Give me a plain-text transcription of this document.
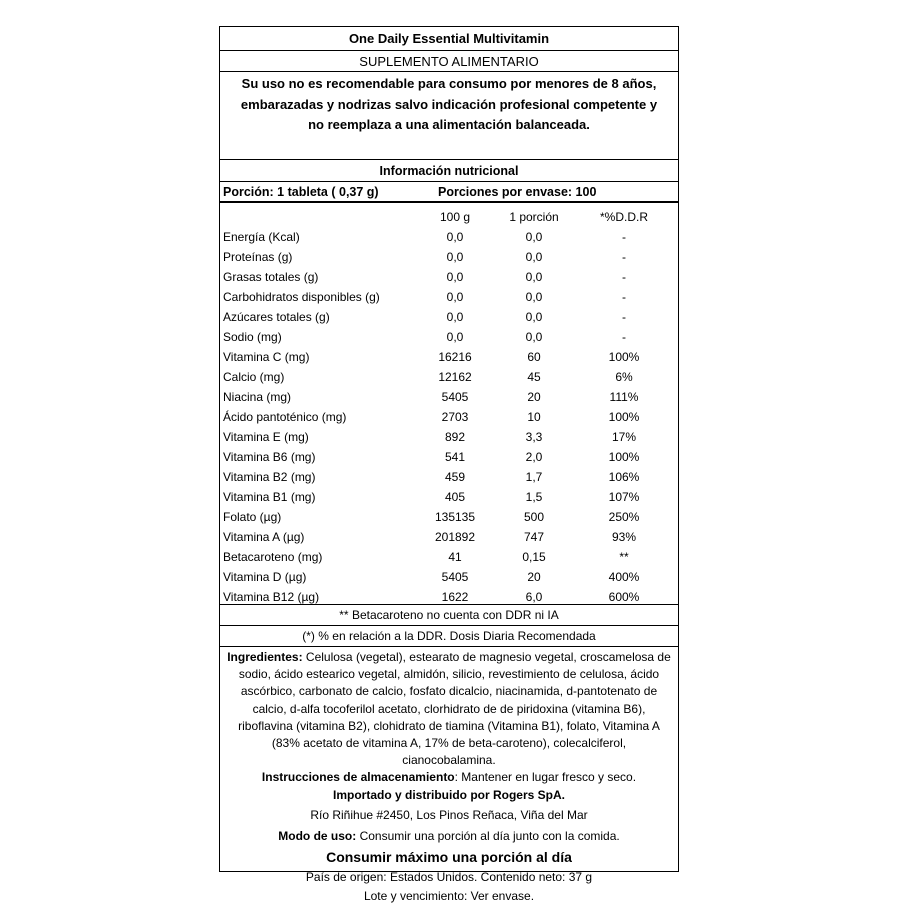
One Daily Essential Multivitamin
SUPLEMENTO ALIMENTARIO
Su uso no es recomendable para consumo por menores de 8 años, embarazadas y nodrizas salvo indicación profesional competente y no reemplaza a una alimentación balanceada.
Información nutricional
Porción: 1 tableta ( 0,37 g)	Porciones por envase: 100
100 g	1 porción	*%D.D.R
Energía (Kcal)	0,0	0,0	-
Proteínas (g)	0,0	0,0	-
Grasas totales (g)	0,0	0,0	-
Carbohidratos disponibles (g)	0,0	0,0	-
Azúcares totales (g)	0,0	0,0	-
Sodio (mg)	0,0	0,0	-
Vitamina C (mg)	16216	60	100%
Calcio (mg)	12162	45	6%
Niacina (mg)	5405	20	111%
Ácido pantoténico (mg)	2703	10	100%
Vitamina E (mg)	892	3,3	17%
Vitamina B6 (mg)	541	2,0	100%
Vitamina B2 (mg)	459	1,7	106%
Vitamina B1 (mg)	405	1,5	107%
Folato (µg)	135135	500	250%
Vitamina A (µg)	201892	747	93%
Betacaroteno (mg)	41	0,15	**
Vitamina D (µg)	5405	20	400%
Vitamina B12 (µg)	1622	6,0	600%
** Betacaroteno no cuenta con DDR ni IA
(*) % en relación a la DDR. Dosis Diaria Recomendada
Ingredientes: Celulosa (vegetal), estearato de magnesio vegetal, croscamelosa de sodio, ácido estearico vegetal, almidón, silicio, revestimiento de celulosa, ácido ascórbico, carbonato de calcio, fosfato dicalcio, niacinamida, d-pantotenato de calcio, d-alfa tocoferilol acetato, clorhidrato de de piridoxina (vitamina B6), riboflavina (vitamina B2), clohidrato de tiamina (Vitamina B1), folato, Vitamina A (83% acetato de vitamina A, 17% de beta-caroteno), colecalciferol, cianocobalamina.
Instrucciones de almacenamiento: Mantener en lugar fresco y seco.
Importado y distribuido por Rogers SpA.
Río Riñihue #2450, Los Pinos Reñaca, Viña del Mar
Modo de uso: Consumir una porción al día junto con la comida.
Consumir máximo una porción al día
País de origen: Estados Unidos. Contenido neto: 37 g
Lote y vencimiento: Ver envase.
